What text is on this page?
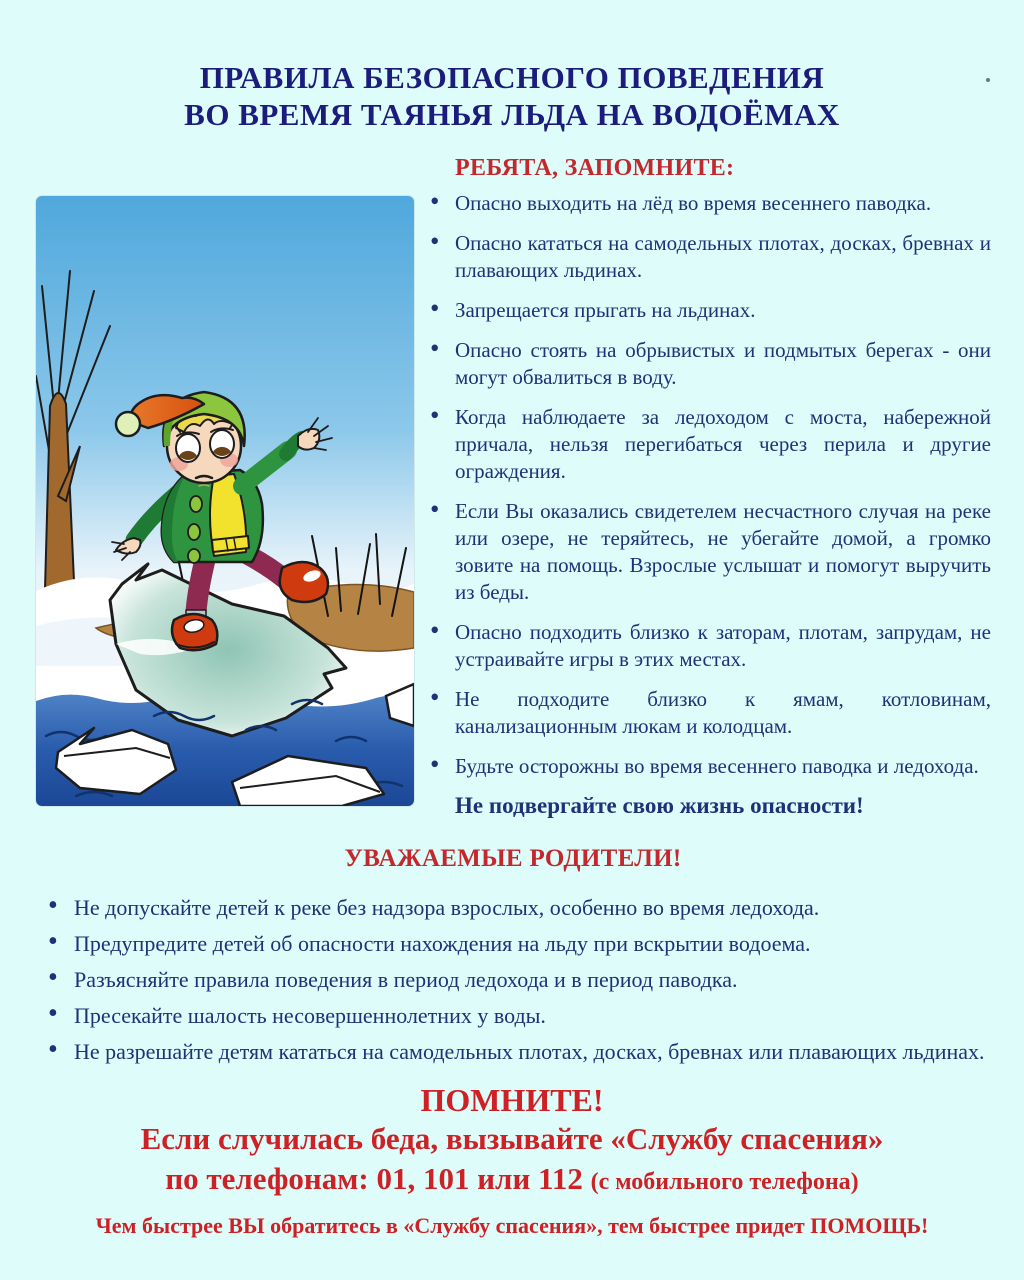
ПРАВИЛА БЕЗОПАСНОГО ПОВЕДЕНИЯ
ВО ВРЕМЯ ТАЯНЬЯ ЛЬДА НА ВОДОЁМАХ
РЕБЯТА, ЗАПОМНИТЕ:
• Опасно выходить на лёд во время весеннего паводка.
• Опасно кататься на самодельных плотах, досках, бревнах и плавающих льдинах.
• Запрещается прыгать на льдинах.
• Опасно стоять на обрывистых и подмытых берегах - они могут обвалиться в воду.
• Когда наблюдаете за ледоходом с моста, набережной причала, нельзя перегибаться через перила и другие ограждения.
• Если Вы оказались свидетелем несчастного случая на реке или озере, не теряйтесь, не убегайте домой, а громко зовите на помощь. Взрослые услышат и помогут выручить из беды.
• Опасно подходить близко к заторам, плотам, запрудам, не устраивайте игры в этих местах.
• Не подходите близко к ямам, котловинам, канализационным люкам и колодцам.
• Будьте осторожны во время весеннего паводка и ледохода.

Не подвергайте свою жизнь опасности!

УВАЖАЕМЫЕ РОДИТЕЛИ!
• Не допускайте детей к реке без надзора взрослых, особенно во время ледохода.
• Предупредите детей об опасности нахождения на льду при вскрытии водоема.
• Разъясняйте правила поведения в период ледохода и в период паводка.
• Пресекайте шалость несовершеннолетних у воды.
• Не разрешайте детям кататься на самодельных плотах, досках, бревнах или плавающих льдинах.

ПОМНИТЕ!

Если случилась беда, вызывайте «Службу спасения»

по телефонам: 01, 101 или 112 (с мобильного телефона)

Чем быстрее ВЫ обратитесь в «Службу спасения», тем быстрее придет ПОМОЩЬ!
